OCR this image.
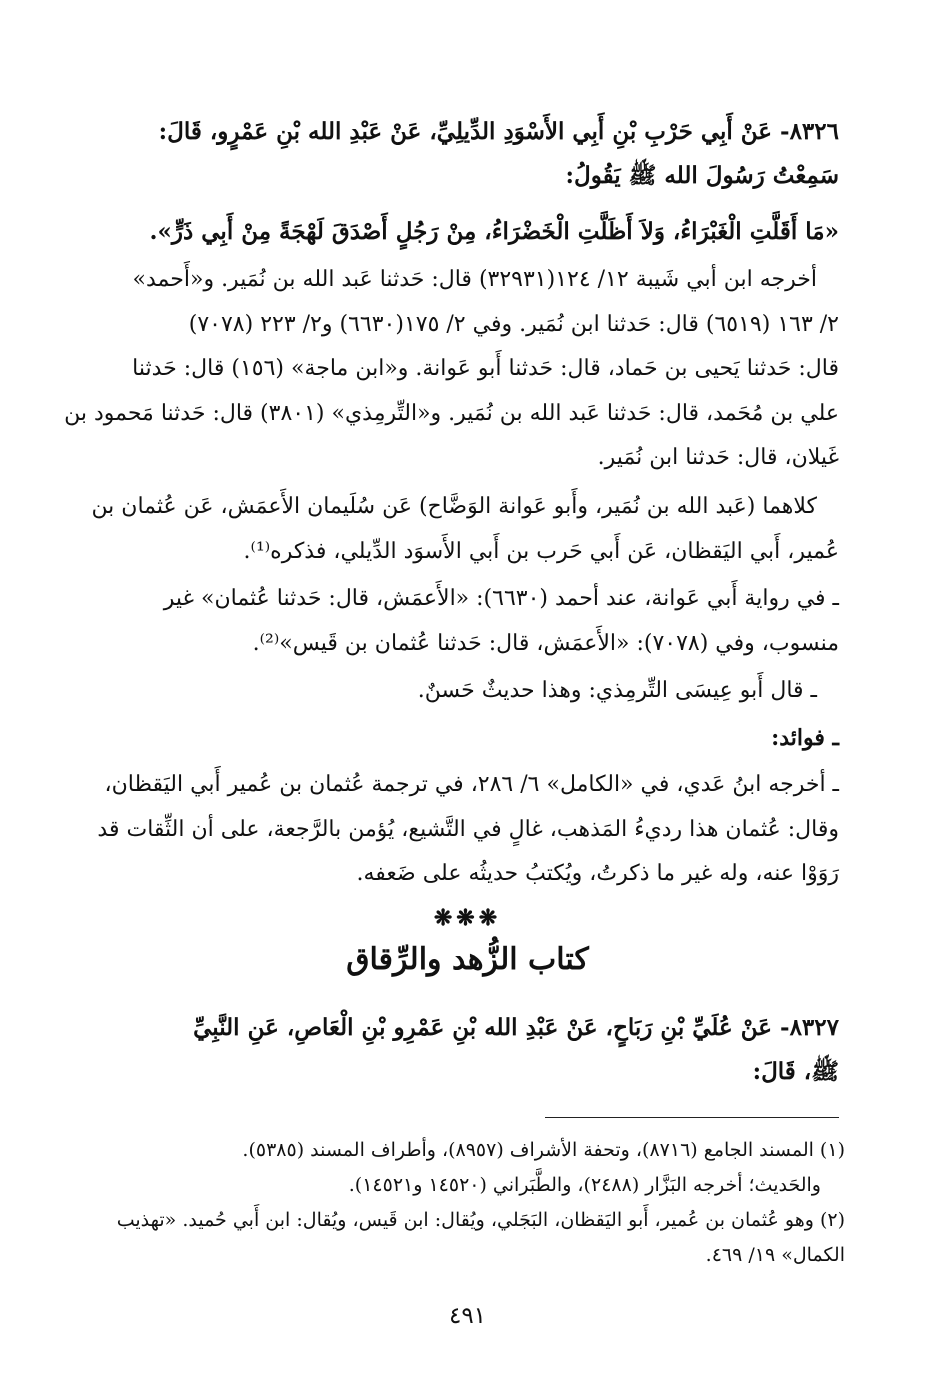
٨٣٢٦- عَنْ أَبِي حَرْبِ بْنِ أَبِي الأَسْوَدِ الدِّيلِيِّ، عَنْ عَبْدِ الله بْنِ عَمْرٍو، قَالَ:
سَمِعْتُ رَسُولَ الله ﷺ يَقُولُ:
«مَا أَقَلَّتِ الْغَبْرَاءُ، وَلاَ أَظَلَّتِ الْخَضْرَاءُ، مِنْ رَجُلٍ أَصْدَقَ لَهْجَةً مِنْ أَبِي ذَرٍّ».
أخرجه ابن أبي شَيبة ١٢/ ١٢٤(٣٢٩٣١) قال: حَدثنا عَبد الله بن نُمَير. و«أَحمد»
٢/ ١٦٣ (٦٥١٩) قال: حَدثنا ابن نُمَير. وفي ٢/ ١٧٥(٦٦٣٠) و٢/ ٢٢٣ (٧٠٧٨)
قال: حَدثنا يَحيى بن حَماد، قال: حَدثنا أَبو عَوانة. و«ابن ماجة» (١٥٦) قال: حَدثنا
علي بن مُحَمد، قال: حَدثنا عَبد الله بن نُمَير. و«التِّرمِذي» (٣٨٠١) قال: حَدثنا مَحمود بن
غَيلان، قال: حَدثنا ابن نُمَير.
كلاهما (عَبد الله بن نُمَير، وأَبو عَوانة الوَضَّاح) عَن سُلَيمان الأَعمَش، عَن عُثمان بن
عُمير، أَبي اليَقظان، عَن أَبي حَرب بن أَبي الأَسوَد الدِّيلي، فذكره⁽¹⁾.
ـ في رواية أَبي عَوانة، عند أحمد (٦٦٣٠): «الأَعمَش، قال: حَدثنا عُثمان» غير
منسوب، وفي (٧٠٧٨): «الأَعمَش، قال: حَدثنا عُثمان بن قَيس»⁽²⁾.
ـ قال أَبو عِيسَى التِّرمِذي: وهذا حديثٌ حَسنٌ.
ـ فوائد:
ـ أخرجه ابنُ عَدي، في «الكامل» ٦/ ٢٨٦، في ترجمة عُثمان بن عُمير أَبي اليَقظان،
وقال: عُثمان هذا رديءُ المَذهب، غالٍ في التَّشيع، يُؤمن بالرَّجعة، على أن الثِّقات قد
رَوَوْا عنه، وله غير ما ذكرتُ، ويُكتبُ حديثُه على ضَعفه.
❋❋❋
كتاب الزُّهد والرِّقاق
٨٣٢٧- عَنْ عُلَيِّ بْنِ رَبَاحٍ، عَنْ عَبْدِ الله بْنِ عَمْرِو بْنِ الْعَاصِ، عَنِ النَّبِيِّ
ﷺ، قَالَ:
(١) المسند الجامع (٨٧١٦)، وتحفة الأشراف (٨٩٥٧)، وأطراف المسند (٥٣٨٥).
والحَديث؛ أخرجه البَزَّار (٢٤٨٨)، والطَّبَراني (١٤٥٢٠ و١٤٥٢١).
(٢) وهو عُثمان بن عُمير، أَبو اليَقظان، البَجَلي، ويُقال: ابن قَيس، ويُقال: ابن أَبي حُميد. «تهذيب
الكمال» ١٩/ ٤٦٩.
٤٩١
